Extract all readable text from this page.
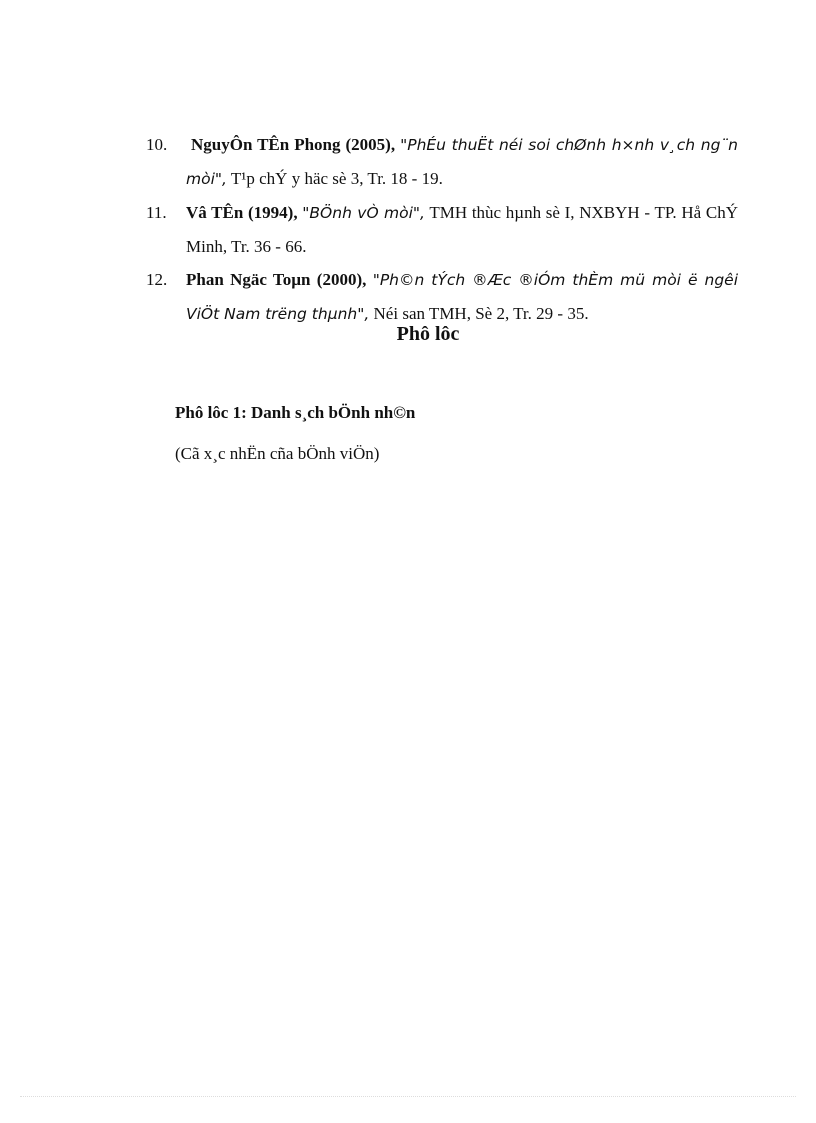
10. NguyÔn TÊn Phong (2005), "PhÉu thuËt néi soi chØnh h×nh v¸ch ng¨n mòi", T¹p chÝ y häc sè 3, Tr. 18 - 19.
11. Vâ TÊn (1994), "BÖnh vÒ mòi", TMH thùc hµnh sè I, NXBYH - TP. Hå ChÝ Minh, Tr. 36 - 66.
12. Phan Ngäc Toµn (2000), "Ph©n tÝch ®Æc ®iÓm thÈm mü mòi ë ngêi ViÖt Nam trëng thµnh", Néi san TMH, Sè 2, Tr. 29 - 35.
Phô lôc
Phô lôc 1: Danh s¸ch bÖnh nh©n
(Cã x¸c nhËn cña bÖnh viÖn)
